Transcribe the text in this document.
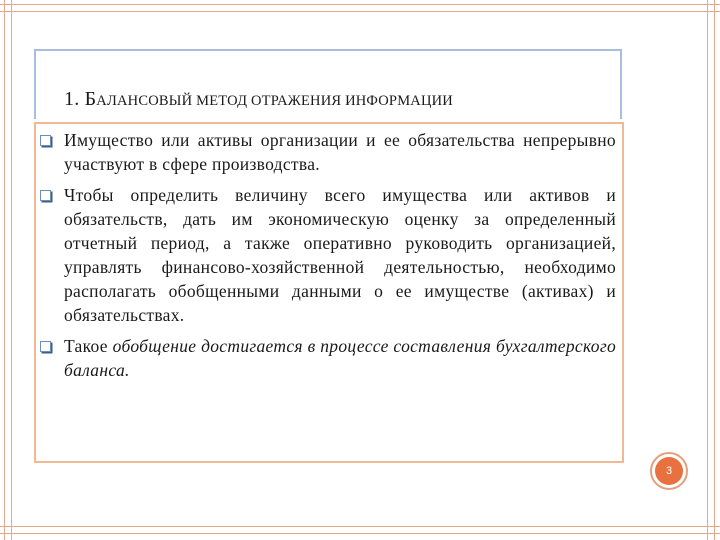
1. БАЛАНСОВЫЙ МЕТОД ОТРАЖЕНИЯ ИНФОРМАЦИИ
Имущество или активы организации и ее обязательства непрерывно участвуют в сфере производства.
Чтобы определить величину всего имущества или активов и обязательств, дать им экономическую оценку за определенный отчетный период, а также оперативно руководить организацией, управлять финансово-хозяйственной деятельностью, необходимо располагать обобщенными данными о ее имуществе (активах) и обязательствах.
Такое обобщение достигается в процессе составления бухгалтерского баланса.
3
